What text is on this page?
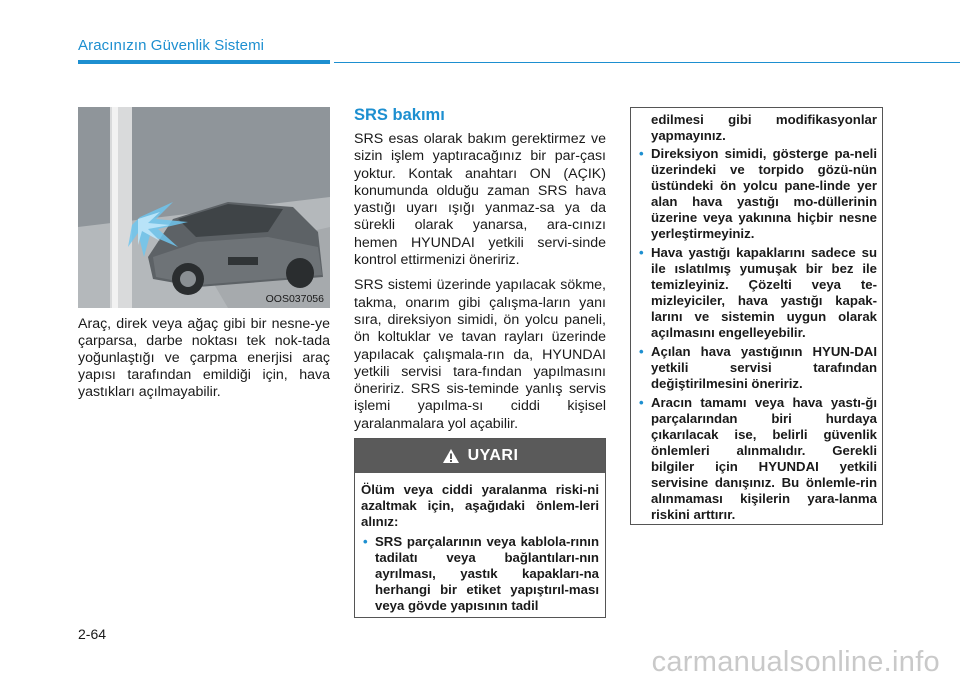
Aracınızın Güvenlik Sistemi
OOS037056

Araç, direk veya ağaç gibi bir nesne-ye çarparsa, darbe noktası tek nok-tada yoğunlaştığı ve çarpma enerjisi araç yapısı tarafından emildiği için, hava yastıkları açılmayabilir.

SRS bakımı

SRS esas olarak bakım gerektirmez ve sizin işlem yaptıracağınız bir par-çası yoktur. Kontak anahtarı ON (AÇIK) konumunda olduğu zaman SRS hava yastığı uyarı ışığı yanmaz-sa ya da sürekli olarak yanarsa, ara-cınızı hemen HYUNDAI yetkili servi-sinde kontrol ettirmenizi öneririz.

SRS sistemi üzerinde yapılacak sökme, takma, onarım gibi çalışma-ların yanı sıra, direksiyon simidi, ön yolcu paneli, ön koltuklar ve tavan rayları üzerinde yapılacak çalışmala-rın da, HYUNDAI yetkili servisi tara-fından yapılmasını öneririz. SRS sis-teminde yanlış servis işlemi yapılma-sı ciddi kişisel yaralanmalara yol açabilir.

UYARI

Ölüm veya ciddi yaralanma riski-ni azaltmak için, aşağıdaki önlem-leri alınız:

• SRS parçalarının veya kablola-rının tadilatı veya bağlantıları-nın ayrılması, yastık kapakları-na herhangi bir etiket yapıştırıl-ması veya gövde yapısının tadil
edilmesi gibi modifikasyonlar yapmayınız.
• Direksiyon simidi, gösterge pa-neli üzerindeki ve torpido gözü-nün üstündeki ön yolcu pane-linde yer alan hava yastığı mo-düllerinin üzerine veya yakınına hiçbir nesne yerleştirmeyiniz.
• Hava yastığı kapaklarını sadece su ile ıslatılmış yumuşak bir bez ile temizleyiniz. Çözelti veya te-mizleyiciler, hava yastığı kapak-larını ve sistemin uygun olarak açılmasını engelleyebilir.
• Açılan hava yastığının HYUN-DAI yetkili servisi tarafından değiştirilmesini öneririz.
• Aracın tamamı veya hava yastı-ğı parçalarından biri hurdaya çıkarılacak ise, belirli güvenlik önlemleri alınmalıdır. Gerekli bilgiler için HYUNDAI yetkili servisine danışınız. Bu önlemle-rin alınmaması kişilerin yara-lanma riskini arttırır.
2-64
carmanualsonline.info
